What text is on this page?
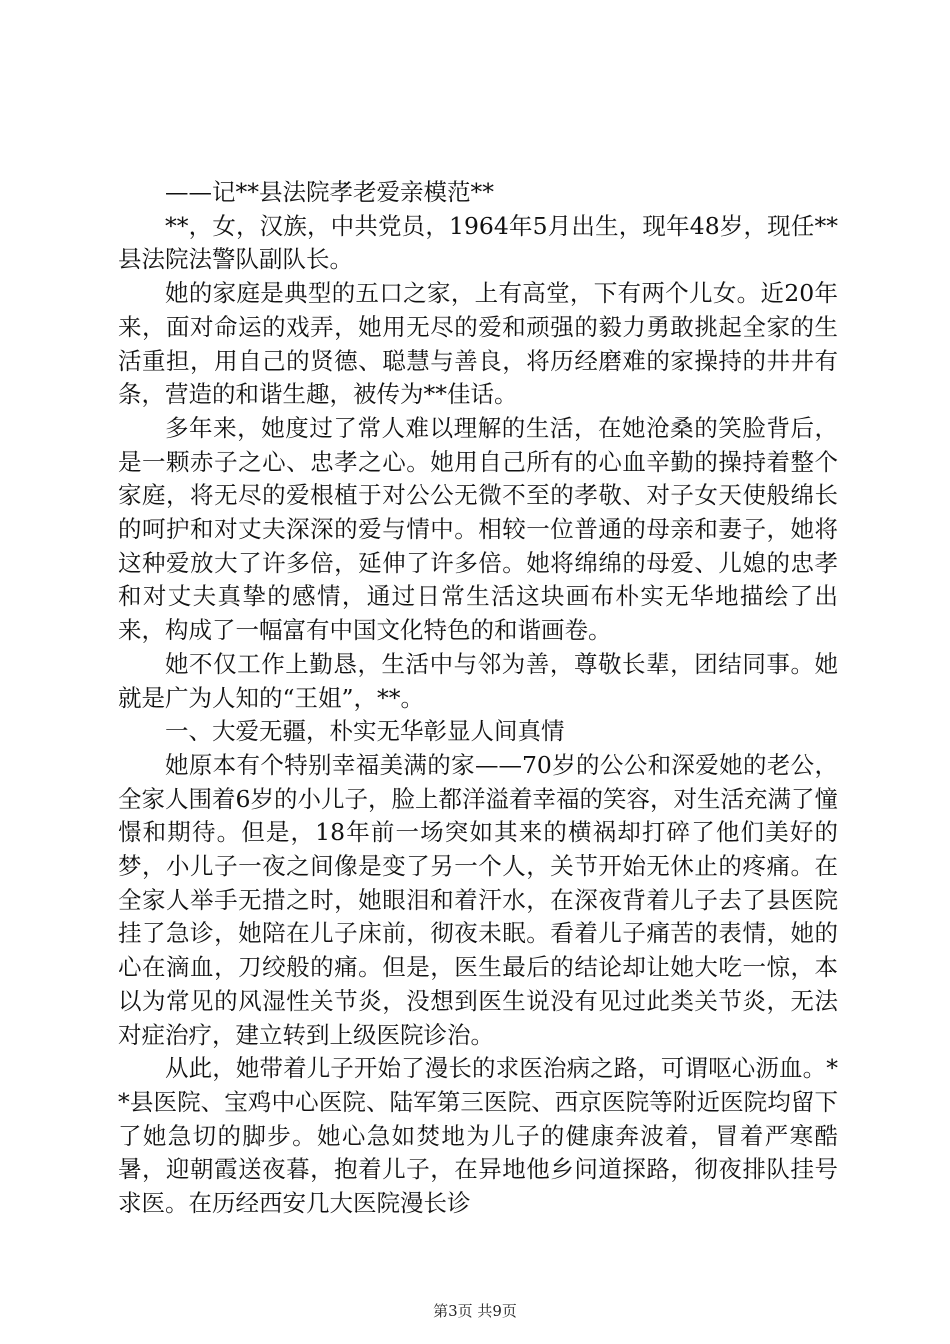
——记**县法院孝老爱亲模范**

**，女，汉族，中共党员，1964年5月出生，现年48岁，现任**县法院法警队副队长。

她的家庭是典型的五口之家，上有高堂，下有两个儿女。近20年来，面对命运的戏弄，她用无尽的爱和顽强的毅力勇敢挑起全家的生活重担，用自己的贤德、聪慧与善良，将历经磨难的家操持的井井有条，营造的和谐生趣，被传为**佳话。

多年来，她度过了常人难以理解的生活，在她沧桑的笑脸背后，是一颗赤子之心、忠孝之心。她用自己所有的心血辛勤的操持着整个家庭，将无尽的爱根植于对公公无微不至的孝敬、对子女天使般绵长的呵护和对丈夫深深的爱与情中。相较一位普通的母亲和妻子，她将这种爱放大了许多倍，延伸了许多倍。她将绵绵的母爱、儿媳的忠孝和对丈夫真挚的感情，通过日常生活这块画布朴实无华地描绘了出来，构成了一幅富有中国文化特色的和谐画卷。

她不仅工作上勤恳，生活中与邻为善，尊敬长辈，团结同事。她就是广为人知的“王姐”，**。

一、大爱无疆，朴实无华彰显人间真情

她原本有个特别幸福美满的家——70岁的公公和深爱她的老公，全家人围着6岁的小儿子，脸上都洋溢着幸福的笑容，对生活充满了憧憬和期待。但是，18年前一场突如其来的横祸却打碎了他们美好的梦，小儿子一夜之间像是变了另一个人，关节开始无休止的疼痛。在全家人举手无措之时，她眼泪和着汗水，在深夜背着儿子去了县医院挂了急诊，她陪在儿子床前，彻夜未眠。看着儿子痛苦的表情，她的心在滴血，刀绞般的痛。但是，医生最后的结论却让她大吃一惊，本以为常见的风湿性关节炎，没想到医生说没有见过此类关节炎，无法对症治疗，建立转到上级医院诊治。

从此，她带着儿子开始了漫长的求医治病之路，可谓呕心沥血。**县医院、宝鸡中心医院、陆军第三医院、西京医院等附近医院均留下了她急切的脚步。她心急如焚地为儿子的健康奔波着，冒着严寒酷暑，迎朝霞送夜暮，抱着儿子，在异地他乡问道探路，彻夜排队挂号求医。在历经西安几大医院漫长诊

第3页 共9页
